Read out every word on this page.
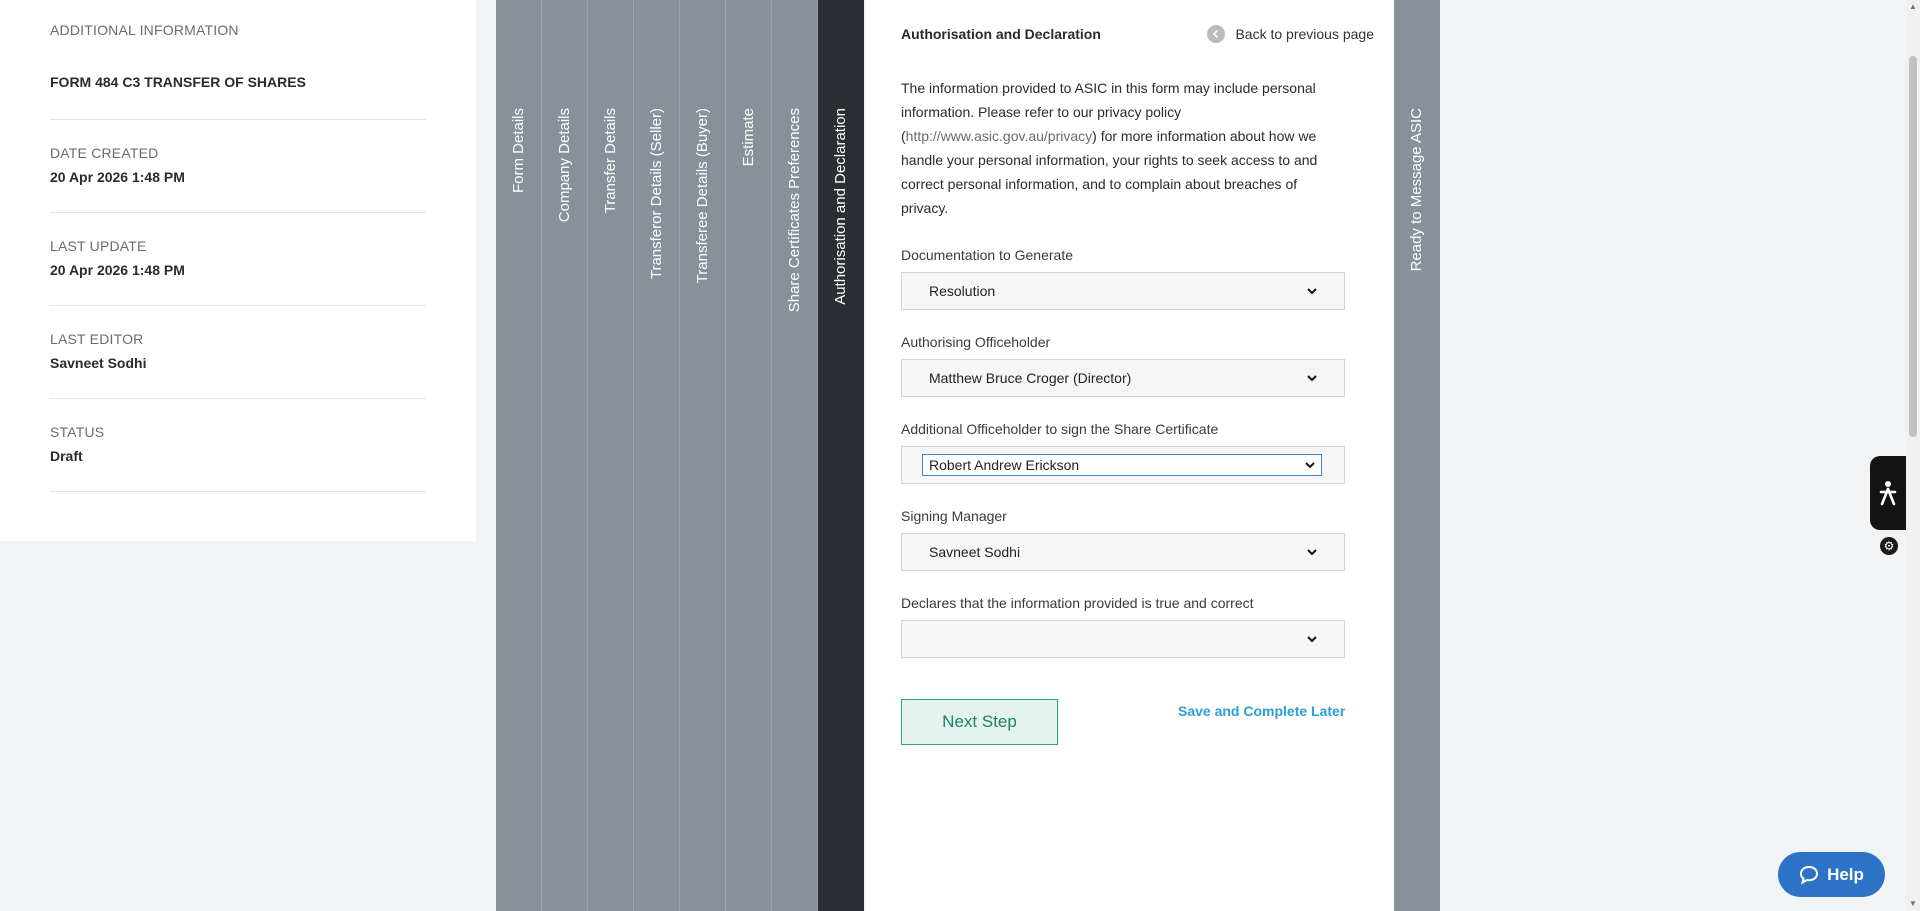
ADDITIONAL INFORMATION
FORM 484 C3 TRANSFER OF SHARES
DATE CREATED
20 Apr 2026 1:48 PM
LAST UPDATE
20 Apr 2026 1:48 PM
LAST EDITOR
Savneet Sodhi
STATUS
Draft
Form Details Company Details Transfer Details Transferor Details (Seller) Transferee Details (Buyer) Estimate Share Certificates Preferences Authorisation and Declaration	Ready to Message ASIC
Authorisation and Declaration	Back to previous page
The information provided to ASIC in this form may include personal information. Please refer to our privacy policy (http://www.asic.gov.au/privacy) for more information about how we handle your personal information, your rights to seek access to and correct personal information, and to complain about breaches of privacy.
Documentation to Generate
Resolution
Authorising Officeholder
Matthew Bruce Croger (Director)
Additional Officeholder to sign the Share Certificate
Robert Andrew Erickson
Signing Manager
Savneet Sodhi
Declares that the information provided is true and correct
Next Step
Save and Complete Later
⚙
▲
▼
Help
